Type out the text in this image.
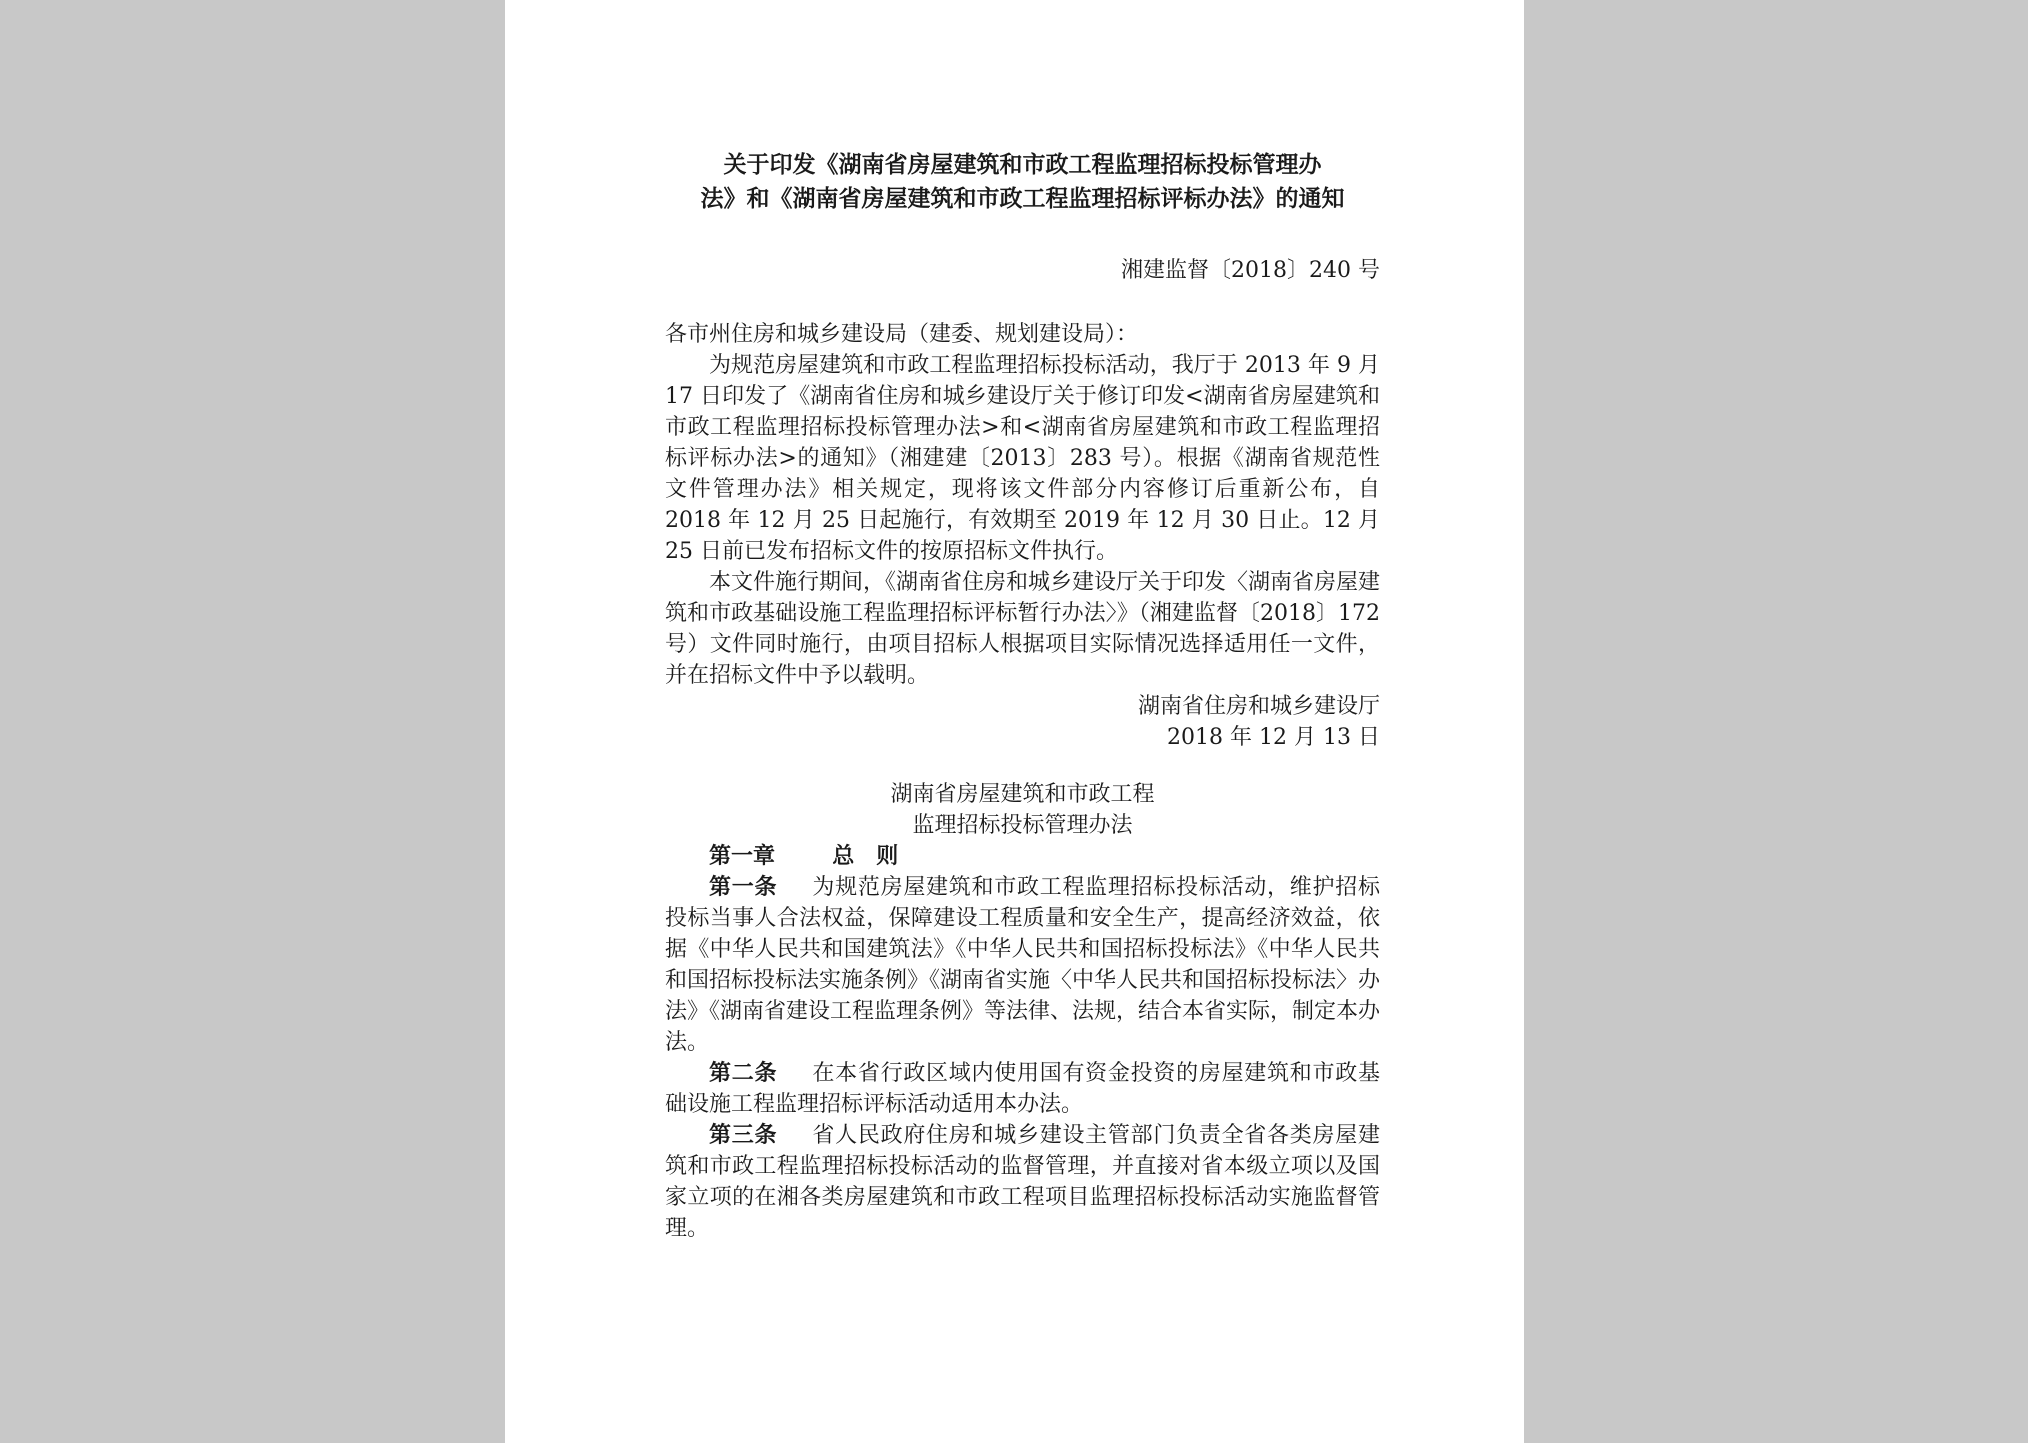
关于印发《湖南省房屋建筑和市政工程监理招标投标管理办

法》和《湖南省房屋建筑和市政工程监理招标评标办法》的通知

湘建监督〔2018〕240 号

各市州住房和城乡建设局（建委、规划建设局）：

为规范房屋建筑和市政工程监理招标投标活动，我厅于 2013 年 9 月 17 日印发了《湖南省住房和城乡建设厅关于修订印发<湖南省房屋建筑和市政工程监理招标投标管理办法>和<湖南省房屋建筑和市政工程监理招标评标办法>的通知》（湘建建〔2013〕283 号）。根据《湖南省规范性文件管理办法》相关规定，现将该文件部分内容修订后重新公布，自 2018 年 12 月 25 日起施行，有效期至 2019 年 12 月 30 日止。12 月 25 日前已发布招标文件的按原招标文件执行。

本文件施行期间，《湖南省住房和城乡建设厅关于印发〈湖南省房屋建筑和市政基础设施工程监理招标评标暂行办法〉》（湘建监督〔2018〕172 号）文件同时施行，由项目招标人根据项目实际情况选择适用任一文件，并在招标文件中予以载明。

湖南省住房和城乡建设厅

2018 年 12 月 13 日

湖南省房屋建筑和市政工程

监理招标投标管理办法

第一章	总　则

第一条 为规范房屋建筑和市政工程监理招标投标活动，维护招标投标当事人合法权益，保障建设工程质量和安全生产，提高经济效益，依据《中华人民共和国建筑法》《中华人民共和国招标投标法》《中华人民共和国招标投标法实施条例》《湖南省实施〈中华人民共和国招标投标法〉办法》《湖南省建设工程监理条例》等法律、法规，结合本省实际，制定本办法。

第二条 在本省行政区域内使用国有资金投资的房屋建筑和市政基础设施工程监理招标评标活动适用本办法。

第三条 省人民政府住房和城乡建设主管部门负责全省各类房屋建筑和市政工程监理招标投标活动的监督管理，并直接对省本级立项以及国家立项的在湘各类房屋建筑和市政工程项目监理招标投标活动实施监督管理。
